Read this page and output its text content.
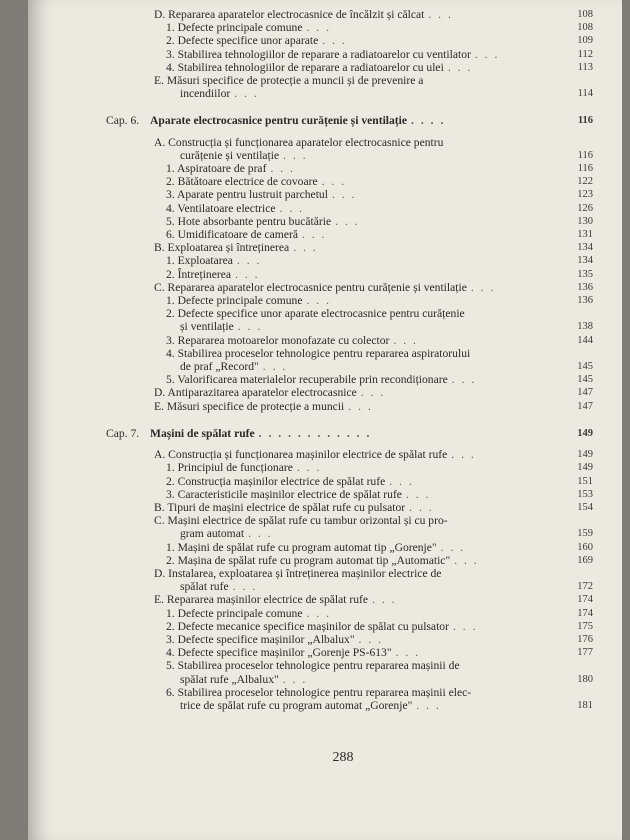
D. Repararea aparatelor electrocasnice de încălzit și călcat . . .	108
1. Defecte principale comune . . .	108
2. Defecte specifice unor aparate . . .	109
3. Stabilirea tehnologiilor de reparare a radiatoarelor cu ventilator . . .	112
4. Stabilirea tehnologiilor de reparare a radiatoarelor cu ulei . . .	113
E. Măsuri specifice de protecție a muncii și de prevenire a
incendiilor . . .	114
Cap. 6. Aparate electrocasnice pentru curățenie și ventilație . . . .	116
A. Construcția și funcționarea aparatelor electrocasnice pentru
curățenie și ventilație . . .	116
1. Aspiratoare de praf . . .	116
2. Bătătoare electrice de covoare . . .	122
3. Aparate pentru lustruit parchetul . . .	123
4. Ventilatoare electrice . . .	126
5. Hote absorbante pentru bucătărie . . .	130
6. Umidificatoare de cameră . . .	131
B. Exploatarea și întreținerea . . .	134
1. Exploatarea . . .	134
2. Întreținerea . . .	135
C. Repararea aparatelor electrocasnice pentru curățenie și ventilație . . .	136
1. Defecte principale comune . . .	136
2. Defecte specifice unor aparate electrocasnice pentru curățenie
și ventilație . . .	138
3. Repararea motoarelor monofazate cu colector . . .	144
4. Stabilirea proceselor tehnologice pentru repararea aspiratorului
de praf „Record" . . .	145
5. Valorificarea materialelor recuperabile prin recondiționare . . .	145
D. Antiparazitarea aparatelor electrocasnice . . .	147
E. Măsuri specifice de protecție a muncii . . .	147
Cap. 7. Mașini de spălat rufe . . . . . . . . . . . .	149
A. Construcția și funcționarea mașinilor electrice de spălat rufe . . .	149
1. Principiul de funcționare . . .	149
2. Construcția mașinilor electrice de spălat rufe . . .	151
3. Caracteristicile mașinilor electrice de spălat rufe . . .	153
B. Tipuri de mașini electrice de spălat rufe cu pulsator . . .	154
C. Mașini electrice de spălat rufe cu tambur orizontal și cu pro-
gram automat . . .	159
1. Mașini de spălat rufe cu program automat tip „Gorenje" . . .	160
2. Mașina de spălat rufe cu program automat tip „Automatic" . . .	169
D. Instalarea, exploatarea și întreținerea mașinilor electrice de
spălat rufe . . .	172
E. Repararea mașinilor electrice de spălat rufe . . .	174
1. Defecte principale comune . . .	174
2. Defecte mecanice specifice mașinilor de spălat cu pulsator . . .	175
3. Defecte specifice mașinilor „Albalux" . . .	176
4. Defecte specifice mașinilor „Gorenje PS-613" . . .	177
5. Stabilirea proceselor tehnologice pentru repararea mașinii de
spălat rufe „Albalux" . . .	180
6. Stabilirea proceselor tehnologice pentru repararea mașinii elec-
trice de spălat rufe cu program automat „Gorenje" . . .	181
288
